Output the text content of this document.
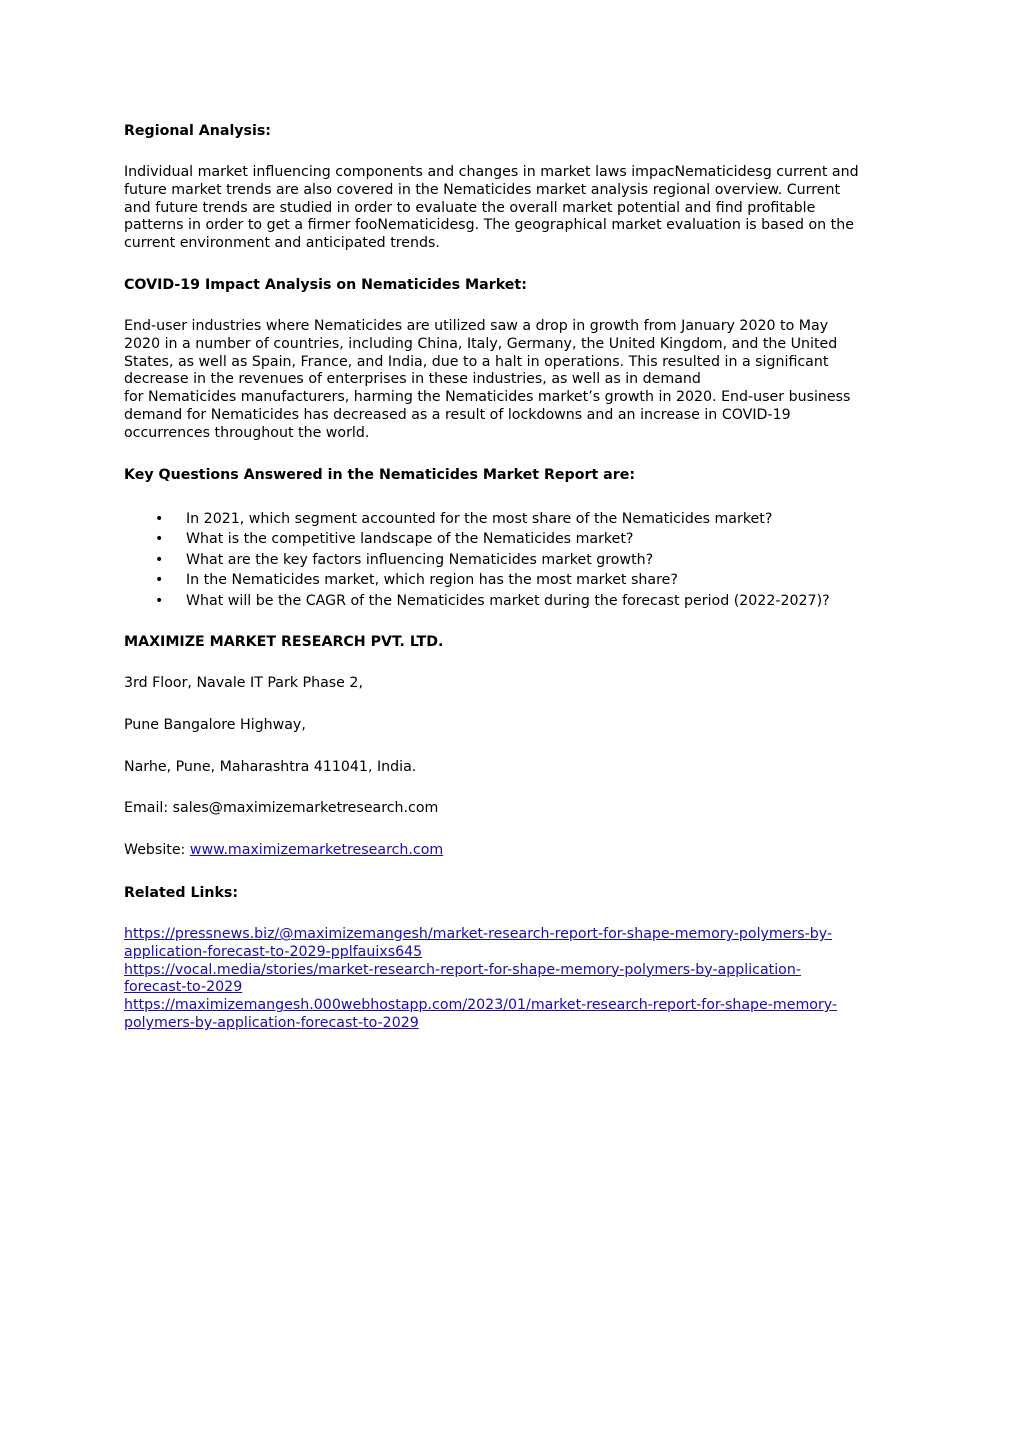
Regional Analysis:

Individual market influencing components and changes in market laws impacNematicidesg current and

future market trends are also covered in the Nematicides market analysis regional overview. Current

and future trends are studied in order to evaluate the overall market potential and find profitable

patterns in order to get a firmer fooNematicidesg. The geographical market evaluation is based on the

current environment and anticipated trends.

COVID-19 Impact Analysis on Nematicides Market:

End-user industries where Nematicides are utilized saw a drop in growth from January 2020 to May

2020 in a number of countries, including China, Italy, Germany, the United Kingdom, and the United

States, as well as Spain, France, and India, due to a halt in operations. This resulted in a significant

decrease in the revenues of enterprises in these industries, as well as in demand

for Nematicides manufacturers, harming the Nematicides market’s growth in 2020. End-user business

demand for Nematicides has decreased as a result of lockdowns and an increase in COVID-19

occurrences throughout the world.

Key Questions Answered in the Nematicides Market Report are:

• In 2021, which segment accounted for the most share of the Nematicides market?
• What is the competitive landscape of the Nematicides market?
• What are the key factors influencing Nematicides market growth?
• In the Nematicides market, which region has the most market share?
• What will be the CAGR of the Nematicides market during the forecast period (2022-2027)?

MAXIMIZE MARKET RESEARCH PVT. LTD.

3rd Floor, Navale IT Park Phase 2,

Pune Bangalore Highway,

Narhe, Pune, Maharashtra 411041, India.

Email: sales@maximizemarketresearch.com

Website: www.maximizemarketresearch.com

Related Links:

https://pressnews.biz/@maximizemangesh/market-research-report-for-shape-memory-polymers-by-
application-forecast-to-2029-pplfauixs645
https://vocal.media/stories/market-research-report-for-shape-memory-polymers-by-application-
forecast-to-2029
https://maximizemangesh.000webhostapp.com/2023/01/market-research-report-for-shape-memory-
polymers-by-application-forecast-to-2029
